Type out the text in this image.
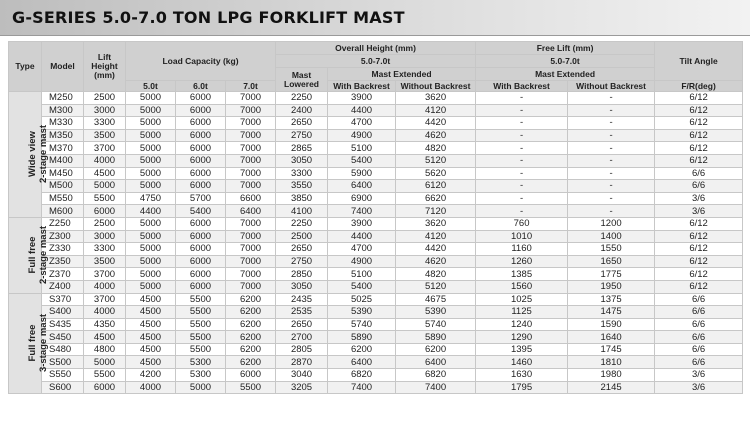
G-SERIES 5.0-7.0 TON LPG FORKLIFT MAST
Type	Model	Lift
Height
(mm)	Load Capacity (kg)			Overall Height (mm)			Free Lift (mm)		Tilt Angle
						5.0-7.0t			5.0-7.0t		
						Mast
Lowered	Mast Extended		Mast Extended		
			5.0t	6.0t	7.0t		With Backrest	Without Backrest	With Backrest	Without Backrest	F/R(deg)
Wide view
2-stage mast	M250	2500	5000	6000	7000	2250	3900	3620	-	-	6/12
	M300	3000	5000	6000	7000	2400	4400	4120	-	-	6/12
	M330	3300	5000	6000	7000	2650	4700	4420	-	-	6/12
	M350	3500	5000	6000	7000	2750	4900	4620	-	-	6/12
	M370	3700	5000	6000	7000	2865	5100	4820	-	-	6/12
	M400	4000	5000	6000	7000	3050	5400	5120	-	-	6/12
	M450	4500	5000	6000	7000	3300	5900	5620	-	-	6/6
	M500	5000	5000	6000	7000	3550	6400	6120	-	-	6/6
	M550	5500	4750	5700	6600	3850	6900	6620	-	-	3/6
	M600	6000	4400	5400	6400	4100	7400	7120	-	-	3/6
Full free
2-stage mast	Z250	2500	5000	6000	7000	2250	3900	3620	760	1200	6/12
	Z300	3000	5000	6000	7000	2500	4400	4120	1010	1400	6/12
	Z330	3300	5000	6000	7000	2650	4700	4420	1160	1550	6/12
	Z350	3500	5000	6000	7000	2750	4900	4620	1260	1650	6/12
	Z370	3700	5000	6000	7000	2850	5100	4820	1385	1775	6/12
	Z400	4000	5000	6000	7000	3050	5400	5120	1560	1950	6/12
Full free
3-stage mast	S370	3700	4500	5500	6200	2435	5025	4675	1025	1375	6/6
	S400	4000	4500	5500	6200	2535	5390	5390	1125	1475	6/6
	S435	4350	4500	5500	6200	2650	5740	5740	1240	1590	6/6
	S450	4500	4500	5500	6200	2700	5890	5890	1290	1640	6/6
	S480	4800	4500	5500	6200	2805	6200	6200	1395	1745	6/6
	S500	5000	4500	5300	6200	2870	6400	6400	1460	1810	6/6
	S550	5500	4200	5300	6000	3040	6820	6820	1630	1980	3/6
	S600	6000	4000	5000	5500	3205	7400	7400	1795	2145	3/6
